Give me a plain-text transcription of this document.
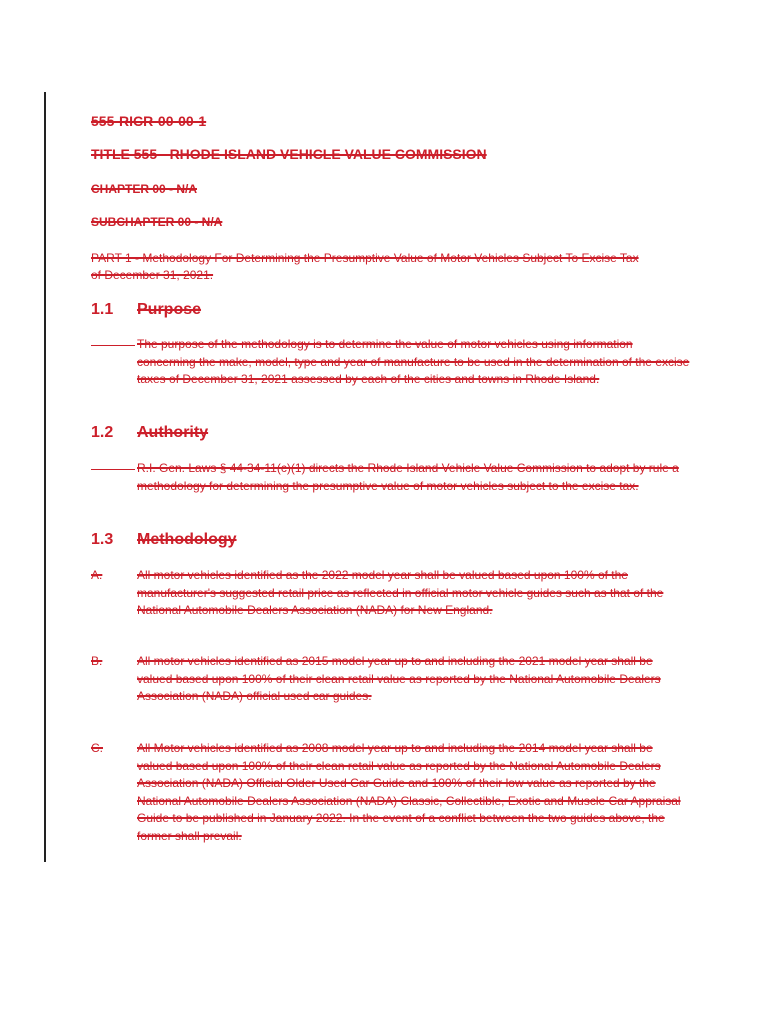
555-RICR-00-00-1
TITLE 555 - RHODE ISLAND VEHICLE VALUE COMMISSION
CHAPTER 00 - N/A
SUBCHAPTER 00 - N/A
PART 1 - Methodology For Determining the Presumptive Value of Motor Vehicles Subject To Excise Tax of December 31, 2021.
1.1 Purpose
The purpose of the methodology is to determine the value of motor vehicles using information concerning the make, model, type and year of manufacture to be used in the determination of the excise taxes of December 31, 2021 assessed by each of the cities and towns in Rhode Island.
1.2 Authority
R.I. Gen. Laws § 44-34-11(c)(1) directs the Rhode Island Vehicle Value Commission to adopt by rule a methodology for determining the presumptive value of motor vehicles subject to the excise tax.
1.3 Methodology
A.	All motor vehicles identified as the 2022 model year shall be valued based upon 100% of the manufacturer's suggested retail price as reflected in official motor vehicle guides such as that of the National Automobile Dealers Association (NADA) for New England.
B.	All motor vehicles identified as 2015 model year up to and including the 2021 model year shall be valued based upon 100% of their clean retail value as reported by the National Automobile Dealers Association (NADA) official used car guides.
C.	All Motor vehicles identified as 2008 model year up to and including the 2014 model year shall be valued based upon 100% of their clean retail value as reported by the National Automobile Dealers Association (NADA) Official Older Used Car Guide and 100% of their low value as reported by the National Automobile Dealers Association (NADA) Classic, Collectible, Exotic and Muscle Car Appraisal Guide to be published in January 2022. In the event of a conflict between the two guides above, the former shall prevail.
